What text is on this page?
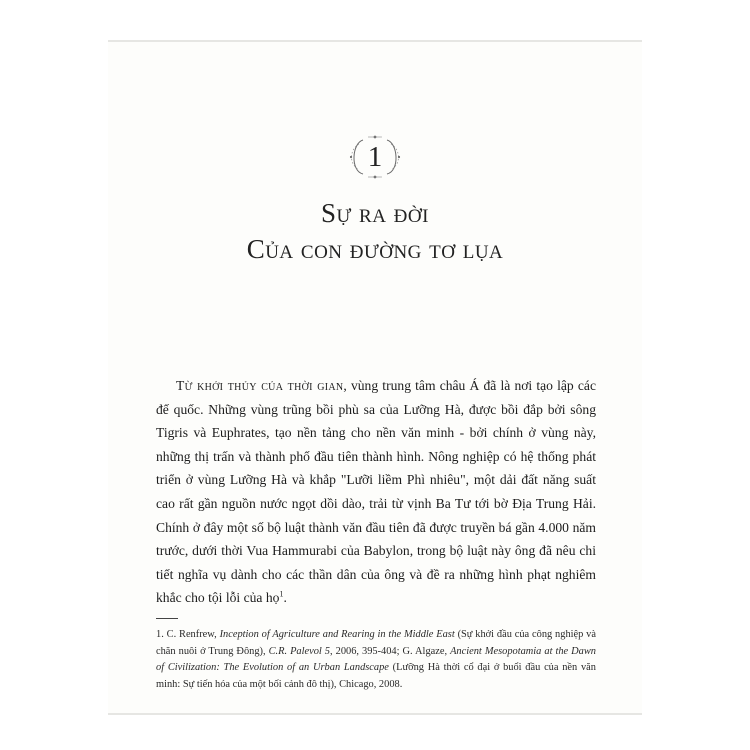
1
Sự ra đời
Của con đường tơ lụa

Từ khởi thủy của thời gian, vùng trung tâm châu Á đã là nơi tạo lập các đế quốc. Những vùng trũng bồi phù sa của Lưỡng Hà, được bồi đắp bởi sông Tigris và Euphrates, tạo nền tảng cho nền văn minh - bởi chính ở vùng này, những thị trấn và thành phố đầu tiên thành hình. Nông nghiệp có hệ thống phát triển ở vùng Lưỡng Hà và khắp "Lưỡi liềm Phì nhiêu", một dải đất năng suất cao rất gần nguồn nước ngọt dồi dào, trải từ vịnh Ba Tư tới bờ Địa Trung Hải. Chính ở đây một số bộ luật thành văn đầu tiên đã được truyền bá gần 4.000 năm trước, dưới thời Vua Hammurabi của Babylon, trong bộ luật này ông đã nêu chi tiết nghĩa vụ dành cho các thần dân của ông và đề ra những hình phạt nghiêm khắc cho tội lỗi của họ$^1$.

1. C. Renfrew, Inception of Agriculture and Rearing in the Middle East (Sự khởi đầu của công nghiệp và chăn nuôi ở Trung Đông), C.R. Palevol 5, 2006, 395-404; G. Algaze, Ancient Mesopotamia at the Dawn of Civilization: The Evolution of an Urban Landscape (Lưỡng Hà thời cổ đại ở buổi đầu của nền văn minh: Sự tiến hóa của một bối cảnh đô thị), Chicago, 2008.
